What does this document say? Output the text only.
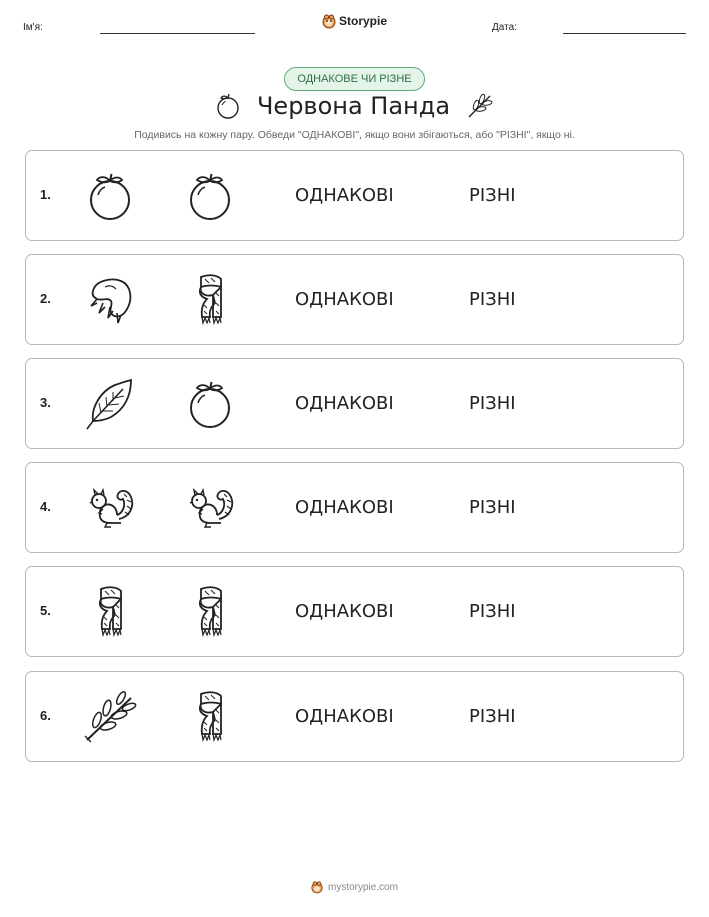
Ім'я:	Storypie	Дата:
ОДНАКОВЕ ЧИ РІЗНЕ
Червона Панда
Подивись на кожну пару. Обведи "ОДНАКОВІ", якщо вони збігаються, або "РІЗНІ", якщо ні.
1.	ОДНАКОВІ	РІЗНІ
2.	ОДНАКОВІ	РІЗНІ
3.	ОДНАКОВІ	РІЗНІ
4.	ОДНАКОВІ	РІЗНІ
5.	ОДНАКОВІ	РІЗНІ
6.	ОДНАКОВІ	РІЗНІ
mystorypie.com
